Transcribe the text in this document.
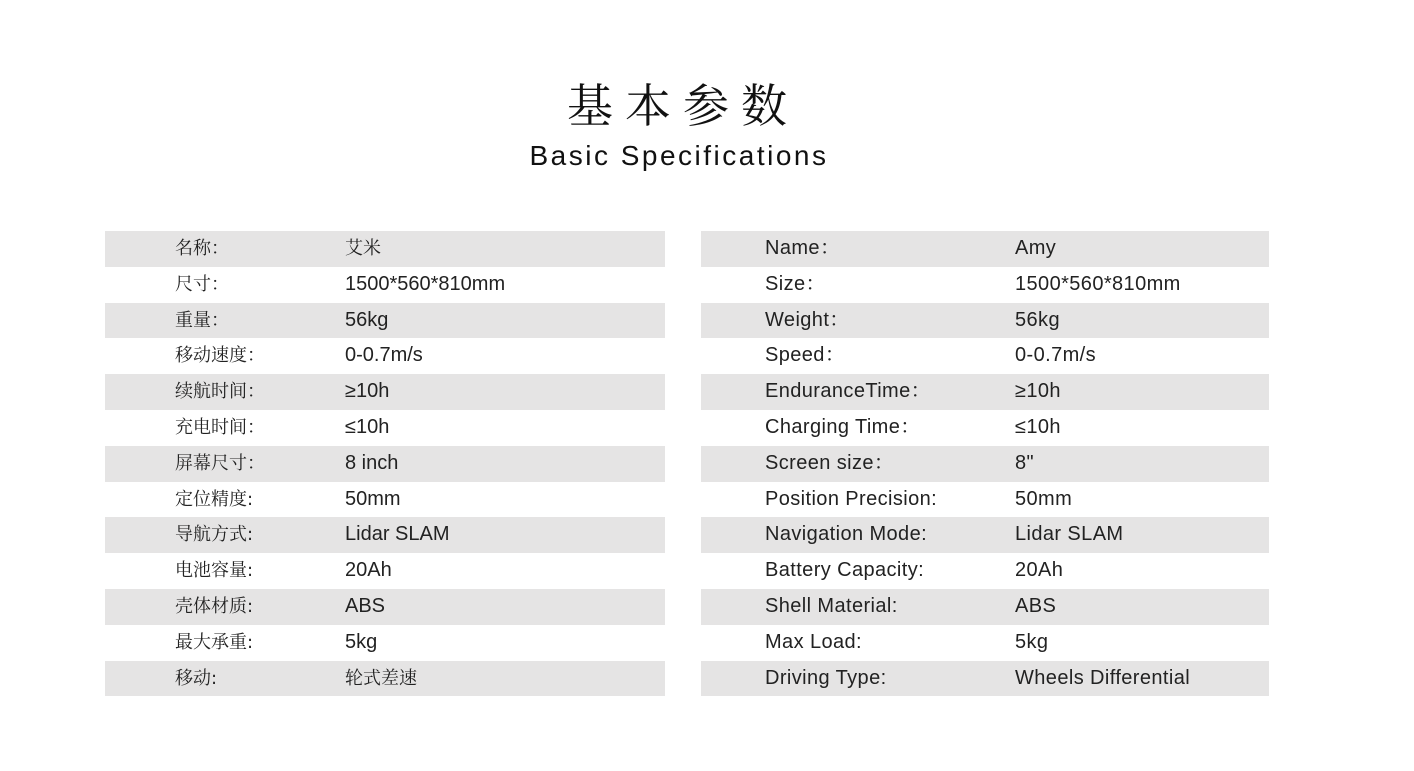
基本参数
Basic Specifications
名称：	艾米
尺寸：	1500*560*810mm
重量：	56kg
移动速度：	0-0.7m/s
续航时间：	≥10h
充电时间：	≤10h
屏幕尺寸：	8 inch
定位精度:	50mm
导航方式:	Lidar SLAM
电池容量:	20Ah
壳体材质:	ABS
最大承重:	5kg
移动:	轮式差速
Name：	Amy
Size：	1500*560*810mm
Weight：	56kg
Speed：	0-0.7m/s
EnduranceTime：	≥10h
Charging Time：	≤10h
Screen size：	8"
Position Precision:	50mm
Navigation Mode:	Lidar SLAM
Battery Capacity:	20Ah
Shell Material:	ABS
Max Load:	5kg
Driving Type:	Wheels Differential
